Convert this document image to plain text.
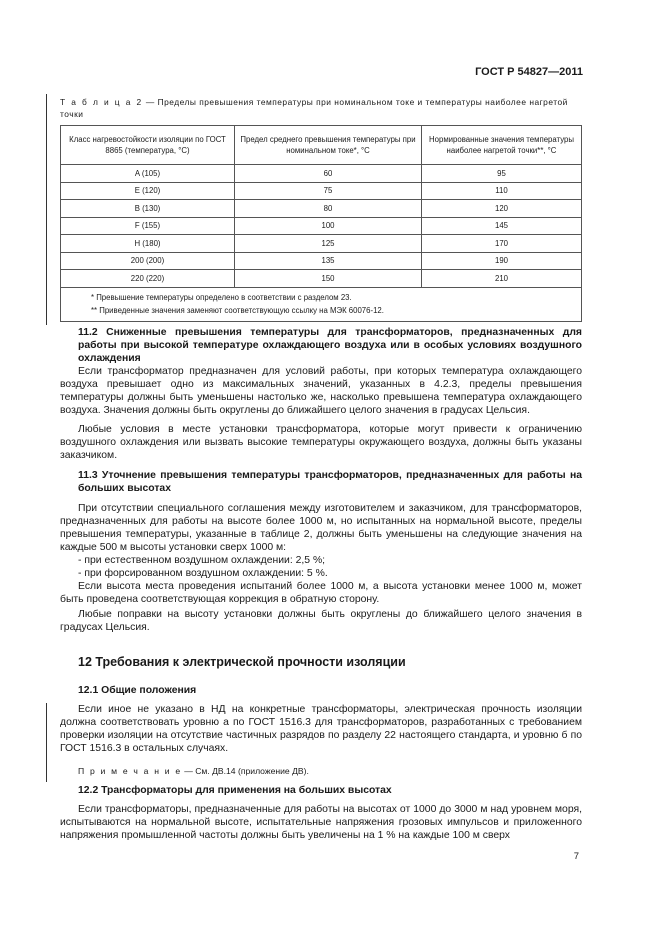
ГОСТ Р 54827—2011
Т а б л и ц а 2 — Пределы превышения температуры при номинальном токе и температуры наиболее нагретой точки
Класс нагревостойкости изоляции по ГОСТ 8865 (температура, °С)	Предел среднего превышения температуры при номинальном токе*, °С	Нормированные значения температуры наиболее нагретой точки**, °С
A (105)	60	95
E (120)	75	110
B (130)	80	120
F (155)	100	145
H (180)	125	170
200 (200)	135	190
220 (220)	150	210

* Превышение температуры определено в соответствии с разделом 23.
** Приведенные значения заменяют соответствующую ссылку на МЭК 60076-12.		
11.2 Сниженные превышения температуры для трансформаторов, предназначенных для работы при высокой температуре охлаждающего воздуха или в особых условиях воздушного охлаждения
Если трансформатор предназначен для условий работы, при которых температура охлаждающего воздуха превышает одно из максимальных значений, указанных в 4.2.3, пределы превышения температуры должны быть уменьшены настолько же, насколько превышена температура охлаждающего воздуха. Значения должны быть округлены до ближайшего целого значения в градусах Цельсия.
Любые условия в месте установки трансформатора, которые могут привести к ограничению воздушного охлаждения или вызвать высокие температуры окружающего воздуха, должны быть указаны заказчиком.
11.3 Уточнение превышения температуры трансформаторов, предназначенных для работы на больших высотах
При отсутствии специального соглашения между изготовителем и заказчиком, для трансформаторов, предназначенных для работы на высоте более 1000 м, но испытанных на нормальной высоте, пределы превышения температуры, указанные в таблице 2, должны быть уменьшены на следующие значения на каждые 500 м высоты установки сверх 1000 м:
- при естественном воздушном охлаждении: 2,5 %;
- при форсированном воздушном охлаждении: 5 %.
Если высота места проведения испытаний более 1000 м, а высота установки менее 1000 м, может быть проведена соответствующая коррекция в обратную сторону.
Любые поправки на высоту установки должны быть округлены до ближайшего целого значения в градусах Цельсия.
12 Требования к электрической прочности изоляции
12.1 Общие положения
Если иное не указано в НД на конкретные трансформаторы, электрическая прочность изоляции должна соответствовать уровню а по ГОСТ 1516.3 для трансформаторов, разработанных с требованием проверки изоляции на отсутствие частичных разрядов по разделу 22 настоящего стандарта, и уровню б по ГОСТ 1516.3 в остальных случаях.
П р и м е ч а н и е — См. ДВ.14 (приложение ДВ).
12.2 Трансформаторы для применения на больших высотах
Если трансформаторы, предназначенные для работы на высотах от 1000 до 3000 м над уровнем моря, испытываются на нормальной высоте, испытательные напряжения грозовых импульсов и приложенного напряжения промышленной частоты должны быть увеличены на 1 % на каждые 100 м сверх
7
